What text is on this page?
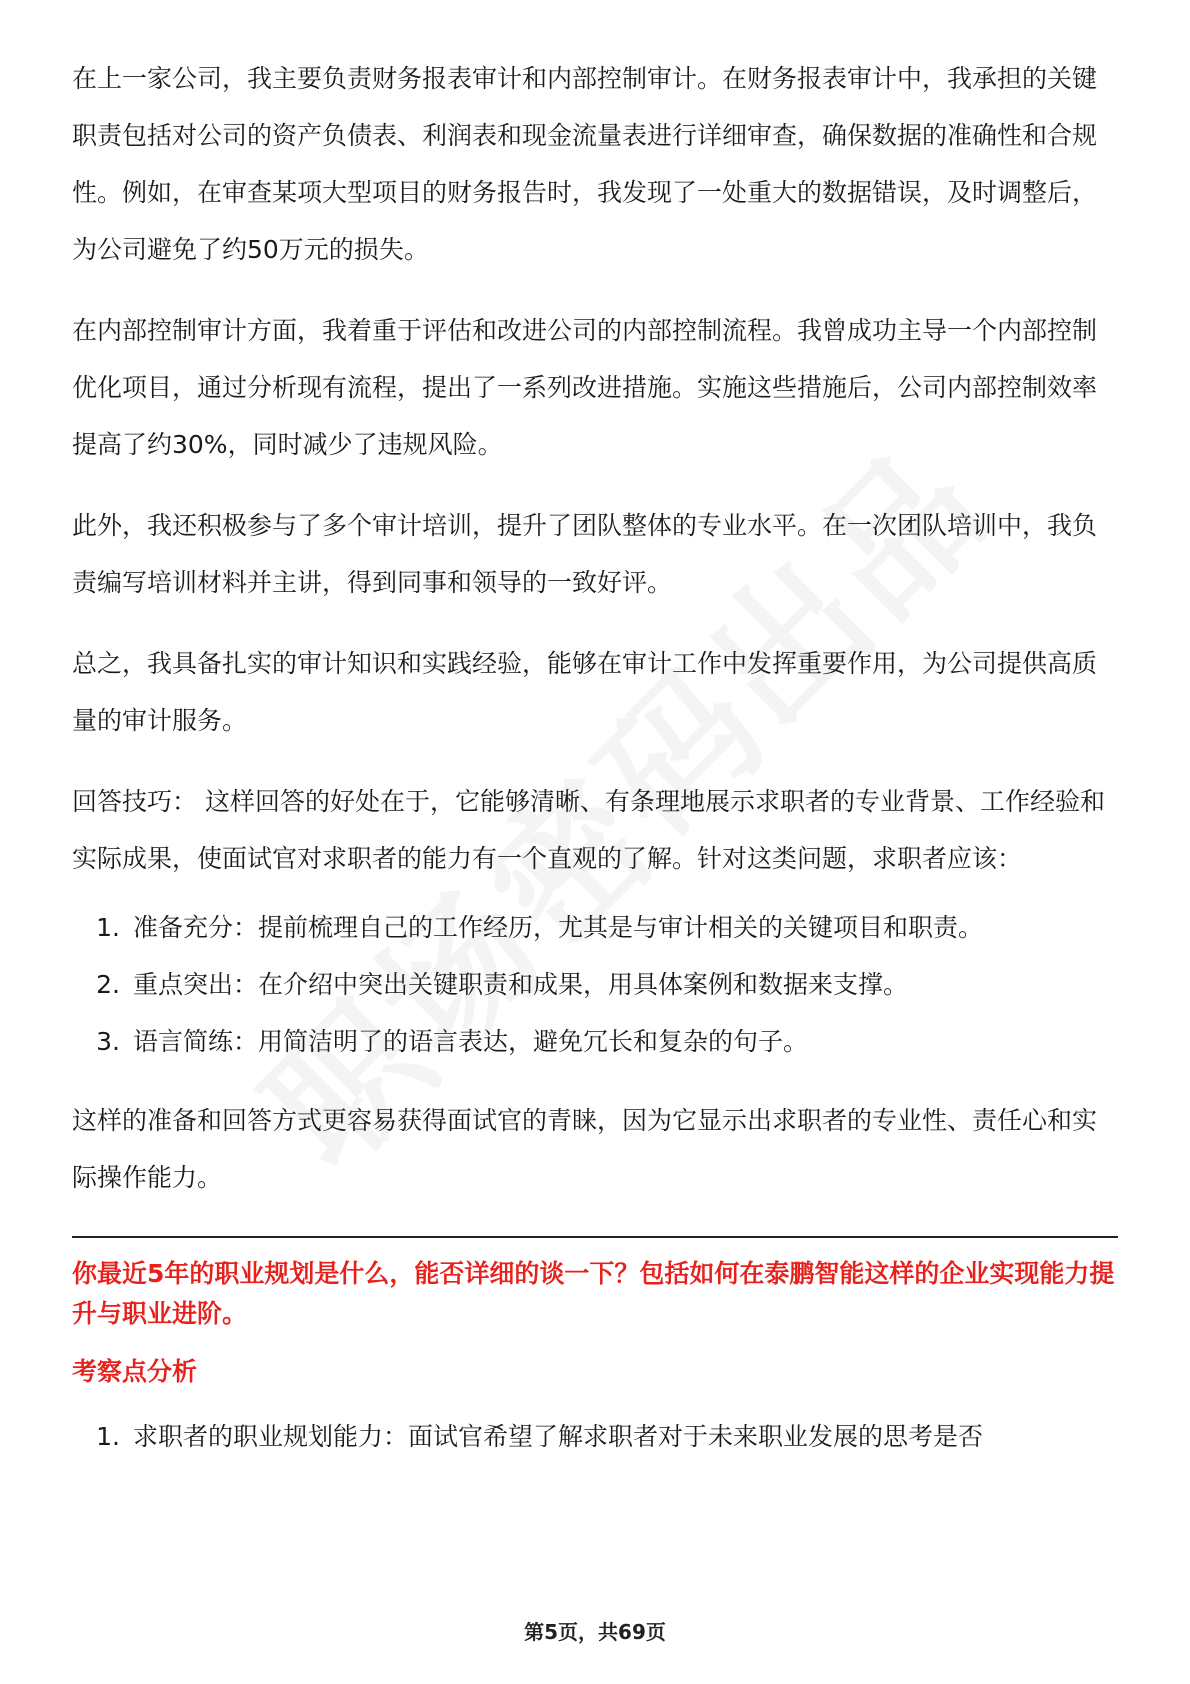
在上一家公司，我主要负责财务报表审计和内部控制审计。在财务报表审计中，我承担的关键职责包括对公司的资产负债表、利润表和现金流量表进行详细审查，确保数据的准确性和合规性。例如，在审查某项大型项目的财务报告时，我发现了一处重大的数据错误，及时调整后，为公司避免了约50万元的损失。

在内部控制审计方面，我着重于评估和改进公司的内部控制流程。我曾成功主导一个内部控制优化项目，通过分析现有流程，提出了一系列改进措施。实施这些措施后，公司内部控制效率提高了约30%，同时减少了违规风险。

此外，我还积极参与了多个审计培训，提升了团队整体的专业水平。在一次团队培训中，我负责编写培训材料并主讲，得到同事和领导的一致好评。

总之，我具备扎实的审计知识和实践经验，能够在审计工作中发挥重要作用，为公司提供高质量的审计服务。

回答技巧： 这样回答的好处在于，它能够清晰、有条理地展示求职者的专业背景、工作经验和实际成果，使面试官对求职者的能力有一个直观的了解。针对这类问题，求职者应该：

1. 准备充分：提前梳理自己的工作经历，尤其是与审计相关的关键项目和职责。
2. 重点突出：在介绍中突出关键职责和成果，用具体案例和数据来支撑。
3. 语言简练：用简洁明了的语言表达，避免冗长和复杂的句子。

这样的准备和回答方式更容易获得面试官的青睐，因为它显示出求职者的专业性、责任心和实际操作能力。

你最近5年的职业规划是什么，能否详细的谈一下？包括如何在泰鹏智能这样的企业实现能力提升与职业进阶。

考察点分析

1. 求职者的职业规划能力：面试官希望了解求职者对于未来职业发展的思考是否
第5页，共69页
